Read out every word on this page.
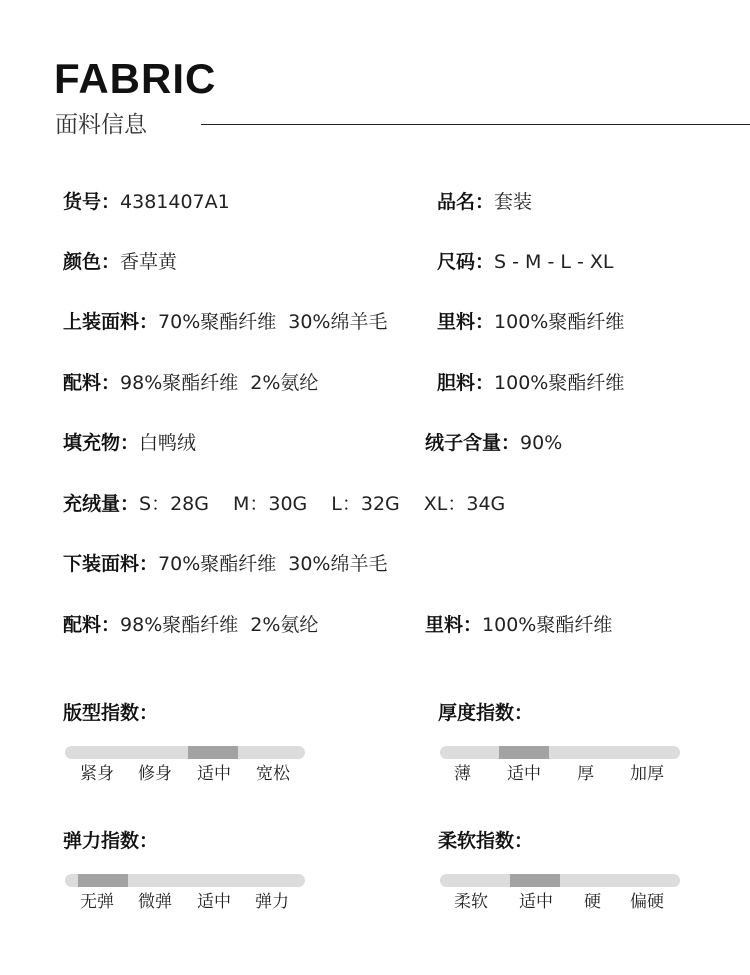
FABRIC
面料信息
货号：4381407A1	品名：套装
颜色：香草黄	尺码：S - M - L - XL
上装面料：70%聚酯纤维 30%绵羊毛	里料：100%聚酯纤维
配料：98%聚酯纤维 2%氨纶	胆料：100%聚酯纤维
填充物：白鸭绒	绒子含量：90%
充绒量：S：28G M：30G L：32G XL：34G
下装面料：70%聚酯纤维 30%绵羊毛
配料：98%聚酯纤维 2%氨纶	里料：100%聚酯纤维
版型指数：
紧身 修身 适中 宽松
厚度指数：
薄 适中 厚 加厚
弹力指数：
无弹 微弹 适中 弹力
柔软指数：
柔软 适中 硬 偏硬
